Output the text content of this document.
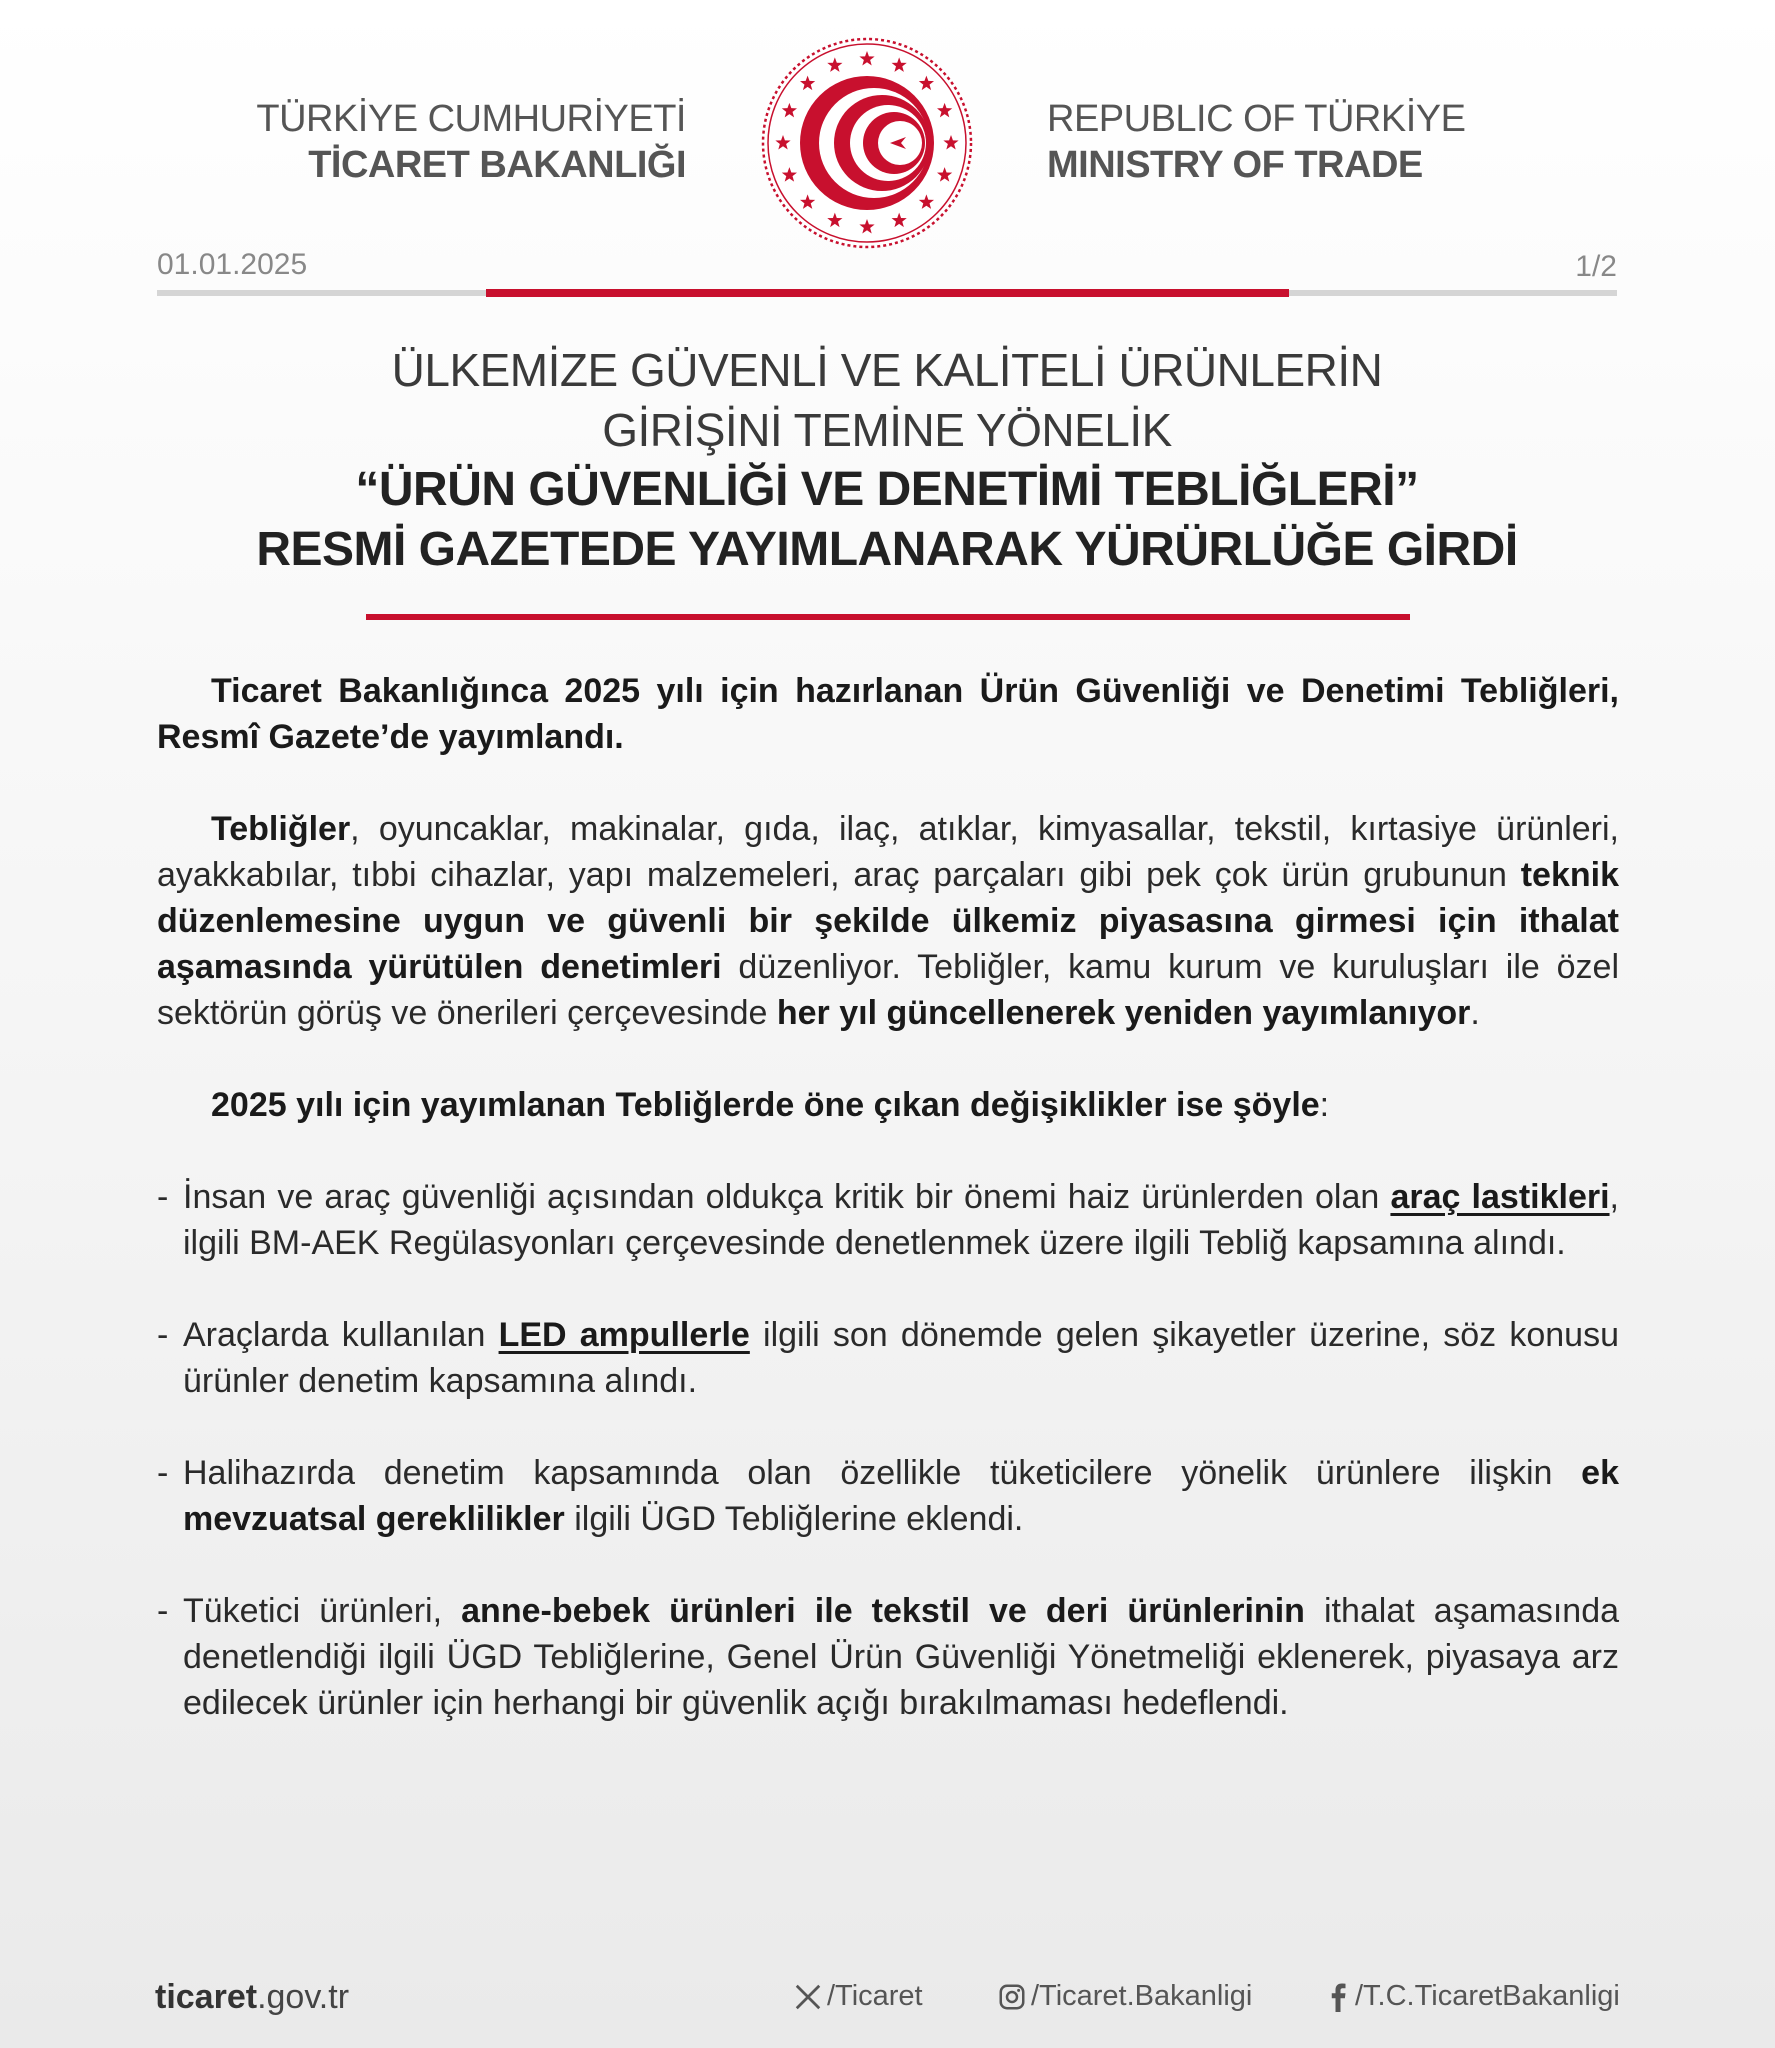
TÜRKİYE CUMHURİYETİ
TİCARET BAKANLIĞI
REPUBLIC OF TÜRKİYE
MINISTRY OF TRADE
01.01.2025	1/2
ÜLKEMİZE GÜVENLİ VE KALİTELİ ÜRÜNLERİN
GİRİŞİNİ TEMİNE YÖNELİK
“ÜRÜN GÜVENLİĞİ VE DENETİMİ TEBLİĞLERİ”
RESMİ GAZETEDE YAYIMLANARAK YÜRÜRLÜĞE GİRDİ

Ticaret Bakanlığınca 2025 yılı için hazırlanan Ürün Güvenliği ve Denetimi Tebliğleri, Resmî Gazete’de yayımlandı.

Tebliğler, oyuncaklar, makinalar, gıda, ilaç, atıklar, kimyasallar, tekstil, kırtasiye ürünleri, ayakkabılar, tıbbi cihazlar, yapı malzemeleri, araç parçaları gibi pek çok ürün grubunun teknik düzenlemesine uygun ve güvenli bir şekilde ülkemiz piyasasına girmesi için ithalat aşamasında yürütülen denetimleri düzenliyor. Tebliğler, kamu kurum ve kuruluşları ile özel sektörün görüş ve önerileri çerçevesinde her yıl güncellenerek yeniden yayımlanıyor.

2025 yılı için yayımlanan Tebliğlerde öne çıkan değişiklikler ise şöyle:

- İnsan ve araç güvenliği açısından oldukça kritik bir önemi haiz ürünlerden olan araç lastikleri, ilgili BM-AEK Regülasyonları çerçevesinde denetlenmek üzere ilgili Tebliğ kapsamına alındı.

- Araçlarda kullanılan LED ampullerle ilgili son dönemde gelen şikayetler üzerine, söz konusu ürünler denetim kapsamına alındı.

- Halihazırda denetim kapsamında olan özellikle tüketicilere yönelik ürünlere ilişkin ek mevzuatsal gereklilikler ilgili ÜGD Tebliğlerine eklendi.

- Tüketici ürünleri, anne-bebek ürünleri ile tekstil ve deri ürünlerinin ithalat aşamasında denetlendiği ilgili ÜGD Tebliğlerine, Genel Ürün Güvenliği Yönetmeliği eklenerek, piyasaya arz edilecek ürünler için herhangi bir güvenlik açığı bırakılmaması hedeflendi.

ticaret.gov.tr	/Ticaret	/Ticaret.Bakanligi	/T.C.TicaretBakanligi
